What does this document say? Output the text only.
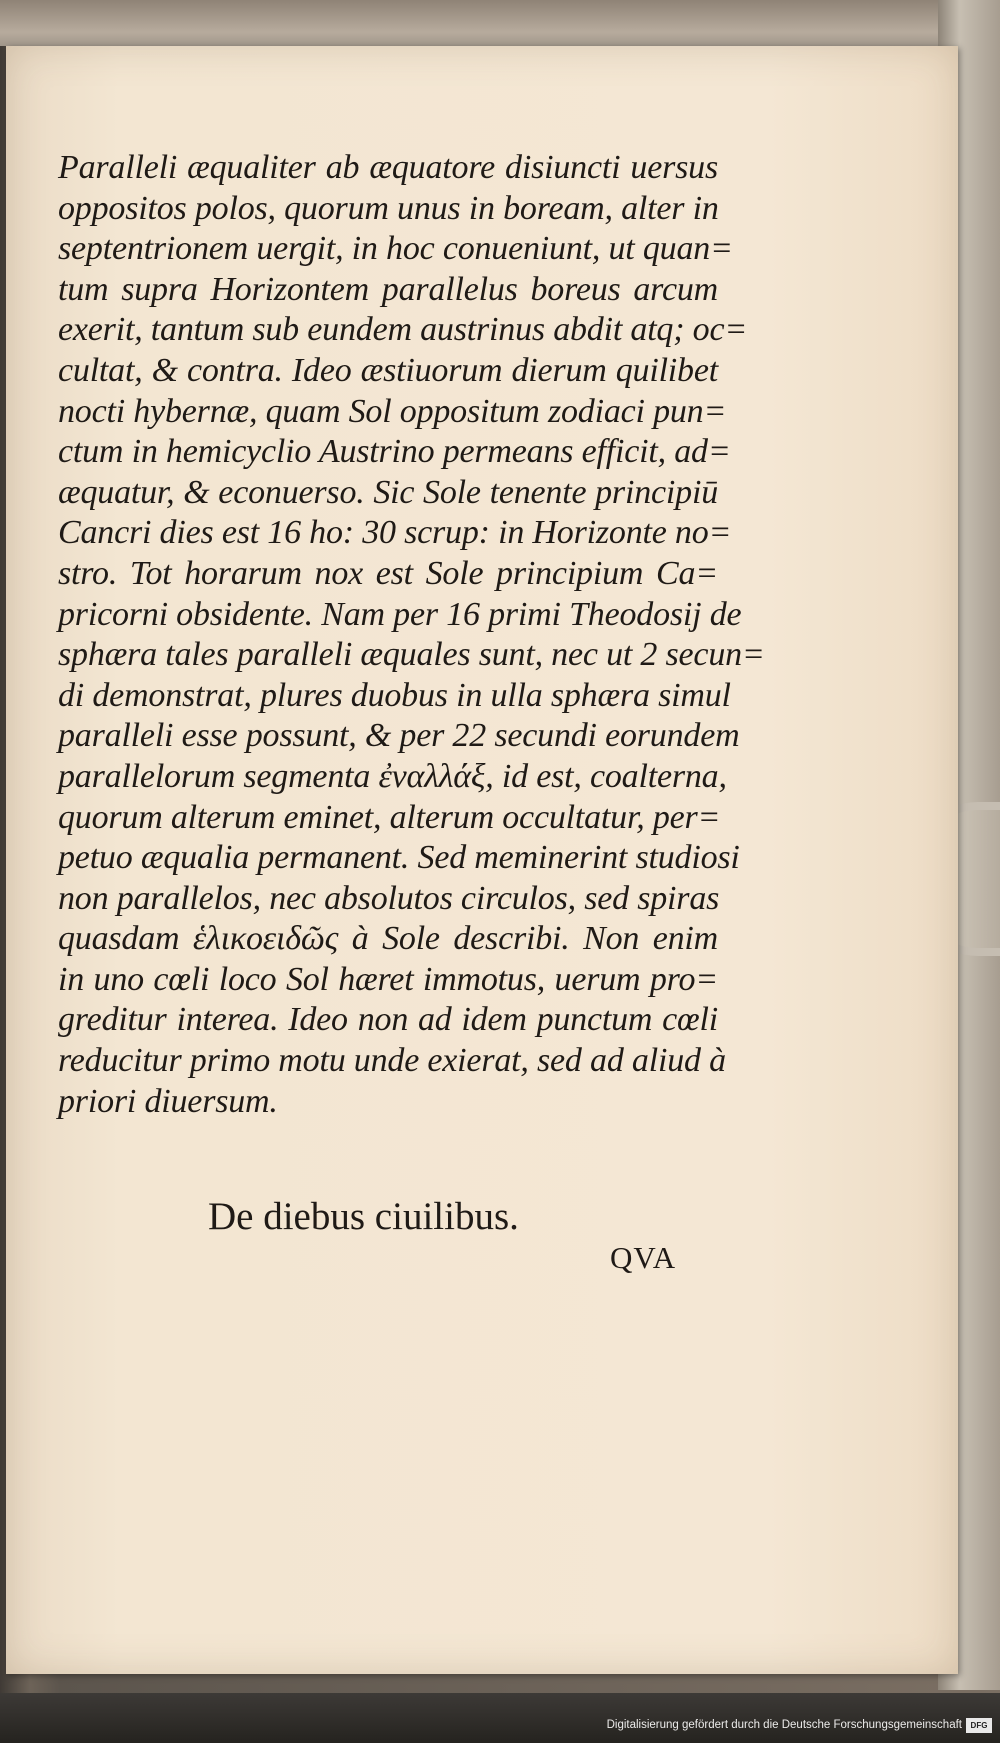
Paralleli æqualiter ab æquatore disiuncti uersus
oppositos polos, quorum unus in boream, alter in
septentrionem uergit, in hoc conueniunt, ut quan=
tum supra Horizontem parallelus boreus arcum
exerit, tantum sub eundem austrinus abdit atq; oc=
cultat, & contra. Ideo æstiuorum dierum quilibet
nocti hybernæ, quam Sol oppositum zodiaci pun=
ctum in hemicyclio Austrino permeans efficit, ad=
æquatur, & econuerso. Sic Sole tenente principiū
Cancri dies est 16 ho: 30 scrup: in Horizonte no=
stro. Tot horarum nox est Sole principium Ca=
pricorni obsidente. Nam per 16 primi Theodosij de
sphæra tales paralleli æquales sunt, nec ut 2 secun=
di demonstrat, plures duobus in ulla sphæra simul
paralleli esse possunt, & per 22 secundi eorundem
parallelorum segmenta ἐναλλάξ, id est, coalterna,
quorum alterum eminet, alterum occultatur, per=
petuo æqualia permanent. Sed meminerint studiosi
non parallelos, nec absolutos circulos, sed spiras
quasdam ἑλικοειδῶς à Sole describi. Non enim
in uno cœli loco Sol hæret immotus, uerum pro=
greditur interea. Ideo non ad idem punctum cœli
reducitur primo motu unde exierat, sed ad aliud à
priori diuersum.
De diebus ciuilibus.
QVA
Digitalisierung gefördert durch die Deutsche Forschungsgemeinschaft	DFG
